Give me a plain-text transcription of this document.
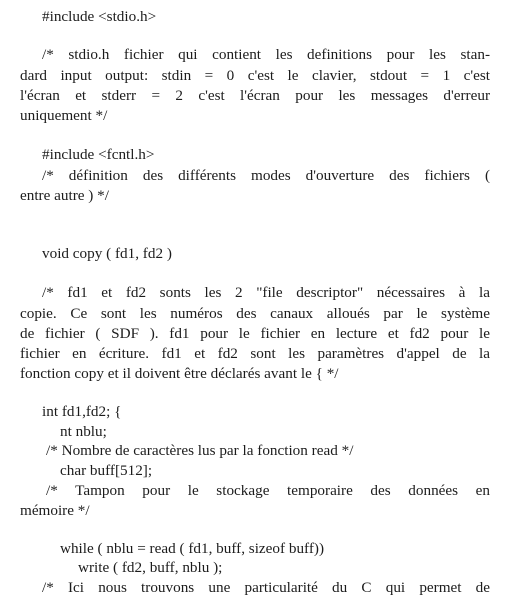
#include <stdio.h>
/* stdio.h fichier qui contient les definitions pour les stan-
dard input output: stdin = 0 c'est le clavier, stdout = 1 c'est
l'écran et stderr = 2 c'est l'écran pour les messages d'erreur
uniquement */
#include <fcntl.h>
/* définition des différents modes d'ouverture des fichiers (
entre autre ) */
void copy ( fd1, fd2 )
/* fd1 et fd2 sonts les 2 "file descriptor" nécessaires à la
copie. Ce sont les numéros des canaux alloués par le système
de fichier ( SDF ). fd1 pour le fichier en lecture et fd2 pour le
fichier en écriture. fd1 et fd2 sont les paramètres d'appel de la
fonction copy et il doivent être déclarés avant le { */
int fd1,fd2; {
nt nblu;
/* Nombre de caractères lus par la fonction read */
char buff[512];
/* Tampon pour le stockage temporaire des données en
mémoire */
while ( nblu = read ( fd1, buff, sizeof buff))
write ( fd2, buff, nblu );
/* Ici nous trouvons une particularité du C qui permet de
